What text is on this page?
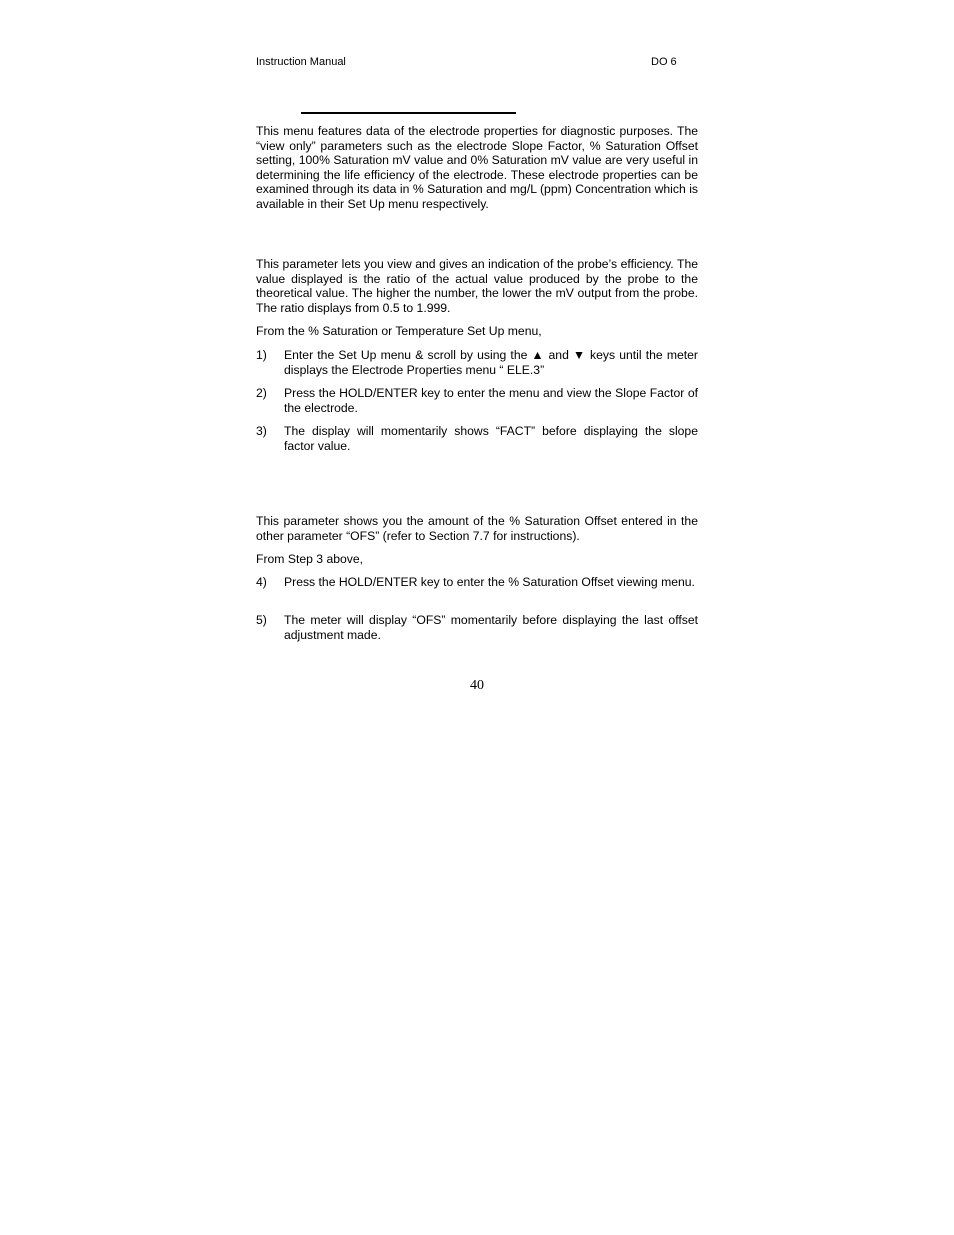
Instruction Manual	DO 6

This menu features data of the electrode properties for diagnostic purposes. The “view only” parameters such as the electrode Slope Factor, % Saturation Offset setting, 100% Saturation mV value and 0% Saturation mV value are very useful in determining the life efficiency of the electrode. These electrode properties can be examined through its data in % Saturation and mg/L (ppm) Concentration which is available in their Set Up menu respectively.

This parameter lets you view and gives an indication of the probe’s efficiency. The value displayed is the ratio of the actual value produced by the probe to the theoretical value. The higher the number, the lower the mV output from the probe. The ratio displays from 0.5 to 1.999.

From the % Saturation or Temperature Set Up menu,

1) Enter the Set Up menu & scroll by using the ▲ and ▼ keys until the meter displays the Electrode Properties menu “ ELE.3”
2) Press the HOLD/ENTER key to enter the menu and view the Slope Factor of the electrode.
3) The display will momentarily shows “FACT” before displaying the slope factor value.

This parameter shows you the amount of the % Saturation Offset entered in the other parameter “OFS” (refer to Section 7.7 for instructions).

From Step 3 above,

4) Press the HOLD/ENTER key to enter the % Saturation Offset viewing menu.
5) The meter will display “OFS” momentarily before displaying the last offset adjustment made.
40
